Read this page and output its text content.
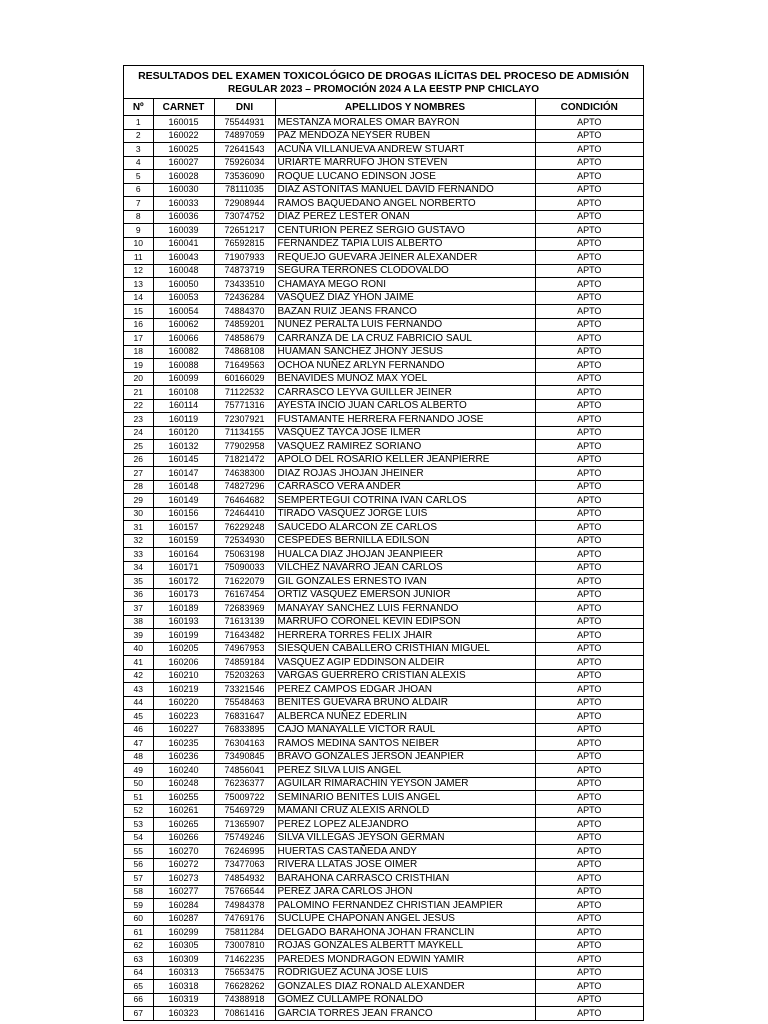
RESULTADOS DEL EXAMEN TOXICOLÓGICO DE DROGAS ILÍCITAS DEL PROCESO DE ADMISIÓN
REGULAR 2023 – PROMOCIÓN 2024 A LA EESTP PNP CHICLAYO
Nº	CARNET	DNI	APELLIDOS Y NOMBRES	CONDICIÓN
1	160015	75544931	MESTANZA MORALES OMAR BAYRON	APTO
2	160022	74897059	PAZ MENDOZA NEYSER RUBEN	APTO
3	160025	72641543	ACUÑA VILLANUEVA ANDREW STUART	APTO
4	160027	75926034	URIARTE MARRUFO JHON STEVEN	APTO
5	160028	73536090	ROQUE LUCANO EDINSON JOSE	APTO
6	160030	78111035	DIAZ ASTONITAS MANUEL DAVID FERNANDO	APTO
7	160033	72908944	RAMOS BAQUEDANO ANGEL NORBERTO	APTO
8	160036	73074752	DIAZ PEREZ LESTER ONAN	APTO
9	160039	72651217	CENTURION PEREZ SERGIO GUSTAVO	APTO
10	160041	76592815	FERNANDEZ TAPIA LUIS ALBERTO	APTO
11	160043	71907933	REQUEJO GUEVARA JEINER ALEXANDER	APTO
12	160048	74873719	SEGURA TERRONES CLODOVALDO	APTO
13	160050	73433510	CHAMAYA MEGO RONI	APTO
14	160053	72436284	VASQUEZ DIAZ YHON JAIME	APTO
15	160054	74884370	BAZAN RUIZ JEANS FRANCO	APTO
16	160062	74859201	NUÑEZ PERALTA LUIS FERNANDO	APTO
17	160066	74858679	CARRANZA DE LA CRUZ FABRICIO SAUL	APTO
18	160082	74868108	HUAMAN SANCHEZ JHONY JESUS	APTO
19	160088	71649563	OCHOA NUÑEZ ARLYN FERNANDO	APTO
20	160099	60166029	BENAVIDES MUÑOZ MAX YOEL	APTO
21	160108	71122532	CARRASCO LEYVA GUILLER JEINER	APTO
22	160114	75771316	AYESTA INCIO JUAN CARLOS ALBERTO	APTO
23	160119	72307921	FUSTAMANTE HERRERA FERNANDO JOSE	APTO
24	160120	71134155	VASQUEZ TAYCA JOSE ILMER	APTO
25	160132	77902958	VASQUEZ RAMIREZ SORIANO	APTO
26	160145	71821472	APOLO DEL ROSARIO KELLER JEANPIERRE	APTO
27	160147	74638300	DIAZ ROJAS JHOJAN JHEINER	APTO
28	160148	74827296	CARRASCO VERA ANDER	APTO
29	160149	76464682	SEMPERTEGUI COTRINA IVAN CARLOS	APTO
30	160156	72464410	TIRADO VASQUEZ JORGE LUIS	APTO
31	160157	76229248	SAUCEDO ALARCON ZE CARLOS	APTO
32	160159	72534930	CESPEDES BERNILLA EDILSON	APTO
33	160164	75063198	HUALCA DIAZ JHOJAN JEANPIEER	APTO
34	160171	75090033	VILCHEZ NAVARRO JEAN CARLOS	APTO
35	160172	71622079	GIL GONZALES ERNESTO IVAN	APTO
36	160173	76167454	ORTIZ VASQUEZ EMERSON JUNIOR	APTO
37	160189	72683969	MANAYAY SANCHEZ LUIS FERNANDO	APTO
38	160193	71613139	MARRUFO CORONEL KEVIN EDIPSON	APTO
39	160199	71643482	HERRERA TORRES FELIX JHAIR	APTO
40	160205	74967953	SIESQUEN CABALLERO CRISTHIAN MIGUEL	APTO
41	160206	74859184	VASQUEZ AGIP EDDINSON ALDEIR	APTO
42	160210	75203263	VARGAS GUERRERO CRISTIAN ALEXIS	APTO
43	160219	73321546	PEREZ CAMPOS EDGAR JHOAN	APTO
44	160220	75548463	BENITES GUEVARA BRUNO ALDAIR	APTO
45	160223	76831647	ALBERCA NUÑEZ EDERLIN	APTO
46	160227	76833895	CAJO MANAYALLE VICTOR RAUL	APTO
47	160235	76304163	RAMOS MEDINA SANTOS NEIBER	APTO
48	160236	73490845	BRAVO GONZALES JERSON JEANPIER	APTO
49	160240	74856041	PEREZ SILVA LUIS ANGEL	APTO
50	160248	76236377	AGUILAR RIMARACHIN YEYSON JAMER	APTO
51	160255	75009722	SEMINARIO BENITES LUIS ANGEL	APTO
52	160261	75469729	MAMANI CRUZ ALEXIS ARNOLD	APTO
53	160265	71365907	PEREZ LOPEZ ALEJANDRO	APTO
54	160266	75749246	SILVA VILLEGAS JEYSON GERMAN	APTO
55	160270	76246995	HUERTAS CASTAÑEDA ANDY	APTO
56	160272	73477063	RIVERA LLATAS JOSE OIMER	APTO
57	160273	74854932	BARAHONA CARRASCO CRISTHIAN	APTO
58	160277	75766544	PEREZ JARA CARLOS JHON	APTO
59	160284	74984378	PALOMINO FERNANDEZ CHRISTIAN JEAMPIER	APTO
60	160287	74769176	SUCLUPE CHAPOÑAN ANGEL JESUS	APTO
61	160299	75811284	DELGADO BARAHONA JOHAN FRANCLIN	APTO
62	160305	73007810	ROJAS GONZALES ALBERTT MAYKELL	APTO
63	160309	71462235	PAREDES MONDRAGON EDWIN YAMIR	APTO
64	160313	75653475	RODRIGUEZ ACUÑA JOSE LUIS	APTO
65	160318	76628262	GONZALES DIAZ RONALD ALEXANDER	APTO
66	160319	74388918	GOMEZ CULLAMPE RONALDO	APTO
67	160323	70861416	GARCIA TORRES JEAN FRANCO	APTO
